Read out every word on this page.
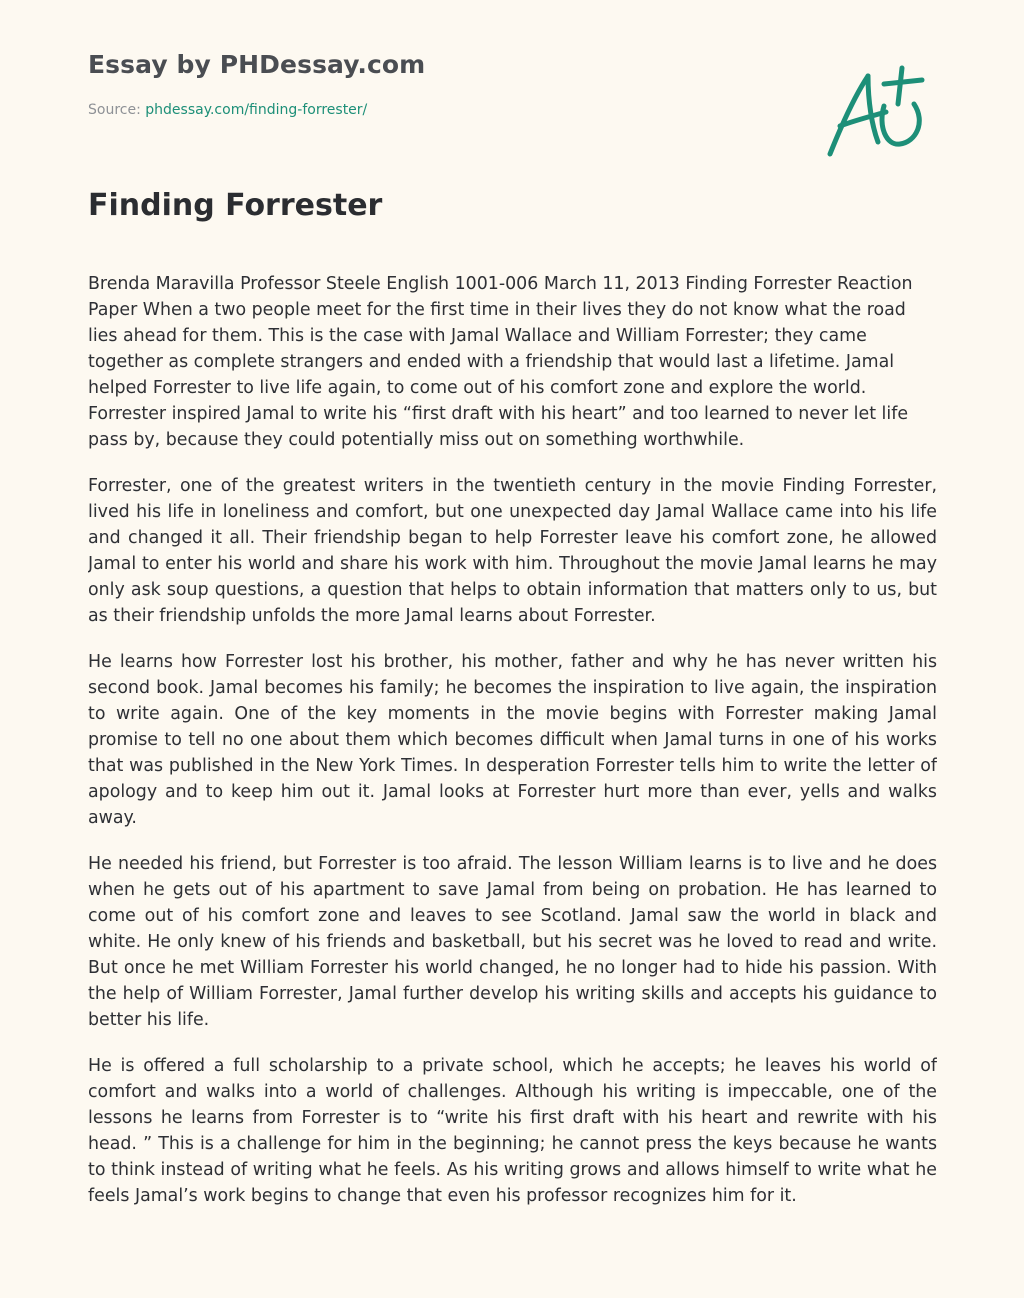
Essay by PHDessay.com
Source: phdessay.com/finding-forrester/
Finding Forrester

Brenda Maravilla Professor Steele English 1001-006 March 11, 2013 Finding Forrester Reaction Paper When a two people meet for the first time in their lives they do not know what the road lies ahead for them. This is the case with Jamal Wallace and William Forrester; they came together as complete strangers and ended with a friendship that would last a lifetime. Jamal helped Forrester to live life again, to come out of his comfort zone and explore the world. Forrester inspired Jamal to write his “first draft with his heart” and too learned to never let life pass by, because they could potentially miss out on something worthwhile.

Forrester, one of the greatest writers in the twentieth century in the movie Finding Forrester, lived his life in loneliness and comfort, but one unexpected day Jamal Wallace came into his life and changed it all. Their friendship began to help Forrester leave his comfort zone, he allowed Jamal to enter his world and share his work with him. Throughout the movie Jamal learns he may only ask soup questions, a question that helps to obtain information that matters only to us, but as their friendship unfolds the more Jamal learns about Forrester.

He learns how Forrester lost his brother, his mother, father and why he has never written his second book. Jamal becomes his family; he becomes the inspiration to live again, the inspiration to write again. One of the key moments in the movie begins with Forrester making Jamal promise to tell no one about them which becomes difficult when Jamal turns in one of his works that was published in the New York Times. In desperation Forrester tells him to write the letter of apology and to keep him out it. Jamal looks at Forrester hurt more than ever, yells and walks away.

He needed his friend, but Forrester is too afraid. The lesson William learns is to live and he does when he gets out of his apartment to save Jamal from being on probation. He has learned to come out of his comfort zone and leaves to see Scotland. Jamal saw the world in black and white. He only knew of his friends and basketball, but his secret was he loved to read and write. But once he met William Forrester his world changed, he no longer had to hide his passion. With the help of William Forrester, Jamal further develop his writing skills and accepts his guidance to better his life.

He is offered a full scholarship to a private school, which he accepts; he leaves his world of comfort and walks into a world of challenges. Although his writing is impeccable, one of the lessons he learns from Forrester is to “write his first draft with his heart and rewrite with his head. ” This is a challenge for him in the beginning; he cannot press the keys because he wants to think instead of writing what he feels. As his writing grows and allows himself to write what he feels Jamal’s work begins to change that even his professor recognizes him for it.
